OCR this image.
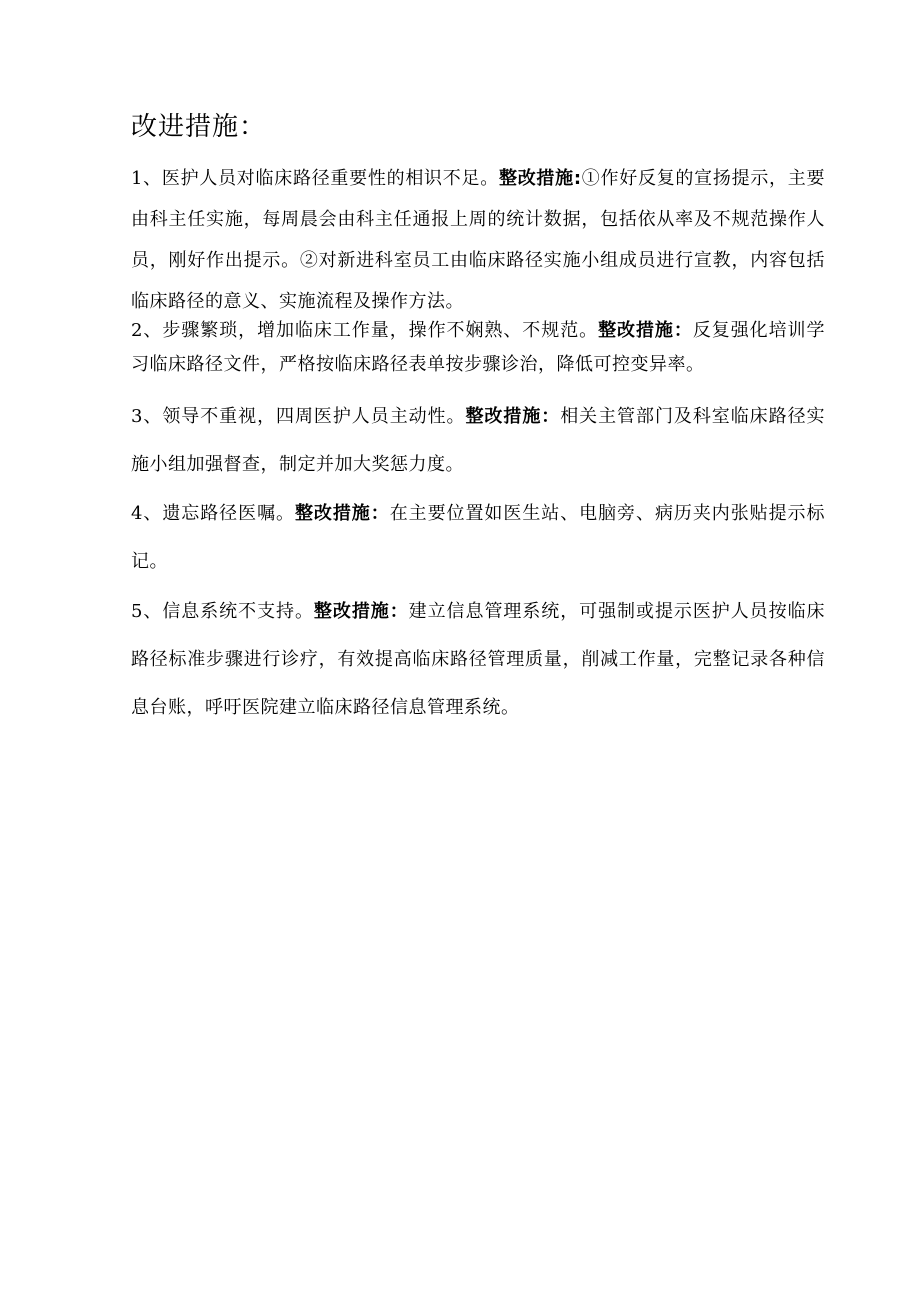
改进措施：

1、医护人员对临床路径重要性的相识不足。整改措施:①作好反复的宣扬提示，主要由科主任实施，每周晨会由科主任通报上周的统计数据，包括依从率及不规范操作人员，刚好作出提示。②对新进科室员工由临床路径实施小组成员进行宣教，内容包括临床路径的意义、实施流程及操作方法。

2、步骤繁琐，增加临床工作量，操作不娴熟、不规范。整改措施：反复强化培训学习临床路径文件，严格按临床路径表单按步骤诊治，降低可控变异率。

3、领导不重视，四周医护人员主动性。整改措施：相关主管部门及科室临床路径实施小组加强督查，制定并加大奖惩力度。

4、遗忘路径医嘱。整改措施：在主要位置如医生站、电脑旁、病历夹内张贴提示标记。

5、信息系统不支持。整改措施：建立信息管理系统，可强制或提示医护人员按临床路径标准步骤进行诊疗，有效提高临床路径管理质量，削减工作量，完整记录各种信息台账，呼吁医院建立临床路径信息管理系统。
